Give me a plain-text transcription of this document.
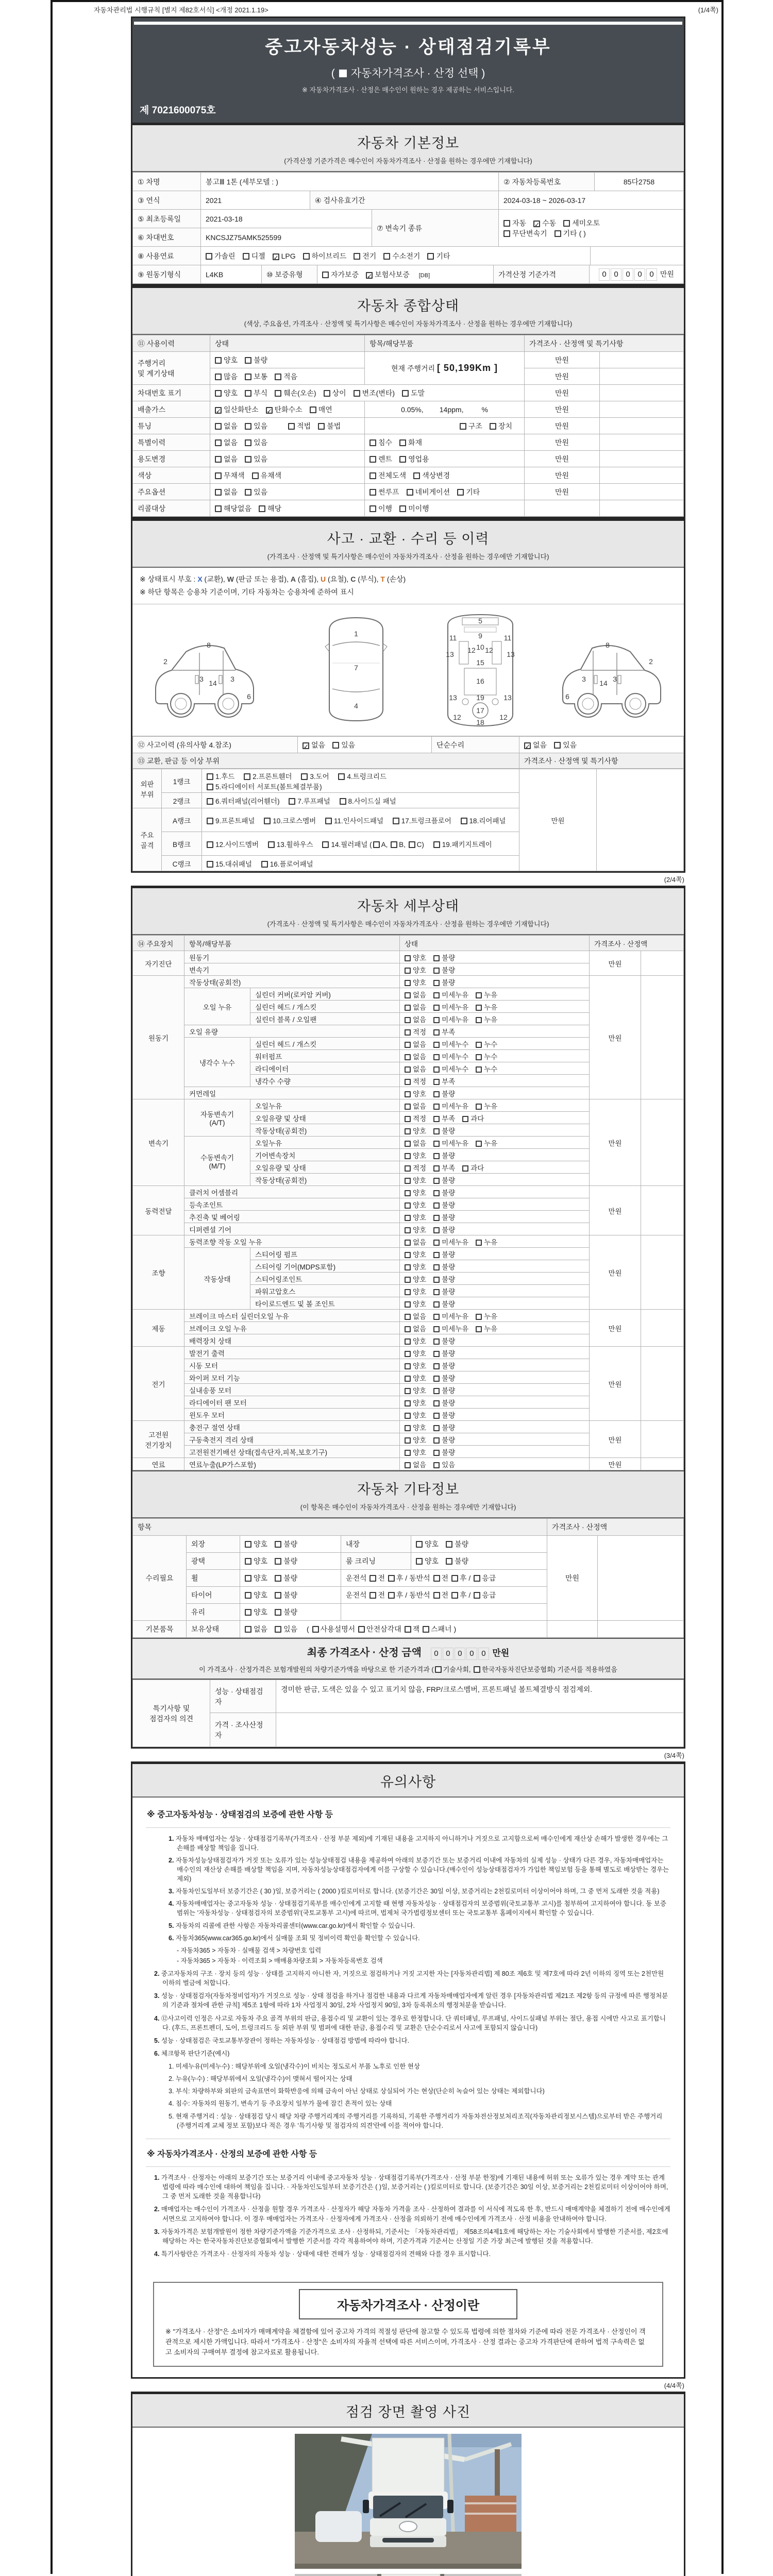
자동차관리법 시행규칙 [별지 제82호서식] <개정 2021.1.19>	(1/4쪽)
중고자동차성능 · 상태점검기록부
( 자동차가격조사 · 산정 선택 )
※ 자동차가격조사 · 산정은 매수인이 원하는 경우 제공하는 서비스입니다.
제 7021600075호
자동차 기본정보
(가격산정 기준가격은 매수인이 자동차가격조사 · 산정을 원하는 경우에만 기재합니다)
① 차명	봉고Ⅲ 1톤 (세부모델 : )	② 자동차등록번호	85다2758
③ 연식	2021	④ 검사유효기간	2024-03-18 ~ 2026-03-17
⑤ 최초등록일	2021-03-18	⑦ 변속기 종류	자동 ✓ 수동 세미오토
무단변속기 기타 ( )
⑥ 차대번호	KNCSJZ75AMK525599		
⑧ 사용연료	가솔린 디젤 ✓ LPG 하이브리드 전기 수소전기 기타	
⑨ 원동기형식	L4KB	⑩ 보증유형	자가보증 ✓ 보험사보증 [DB]	가격산정 기준가격	0 0 0 0 0 만원
자동차 종합상태
(색상, 주요옵션, 가격조사 · 산정액 및 특기사항은 매수인이 자동차가격조사 · 산정을 원하는 경우에만 기재합니다)
⑪ 사용이력	상태	항목/해당부품	가격조사 · 산정액 및 특기사항	
주행거리
및 계기상태	양호 불량	현재 주행거리 [ 50,199Km ]	만원	
	많음 보통 적음		만원	
차대번호 표기	양호 부식 훼손(오손) 상이 변조(변타) 도말		만원	
배출가스	✓ 일산화탄소 ✓ 탄화수소 매연	0.05%,        14ppm,         %	만원	
튜닝	없음 있음 적법 불법	구조 장치	만원	
특별이력	없음 있음	침수 화재	만원	
용도변경	없음 있음	렌트 영업용	만원	
색상	무채색 유채색	전체도색 색상변경	만원	
주요옵션	없음 있음	썬루프 네비게이션 기타	만원	
리콜대상	해당없음 해당	이행 미이행		
사고 · 교환 · 수리 등 이력
(가격조사 · 산정액 및 특기사항은 매수인이 자동차가격조사 · 산정을 원하는 경우에만 기재합니다)
※ 상태표시 부호 : X (교환), W (판금 또는 용접), A (흠집), U (요철), C (부식), T (손상)
※ 하단 항목은 승용차 기준이며, 기타 자동차는 승용차에 준하여 표시
2
8
3 14 3
6
1
7
4
5
9
11	11
13	13
12 12
10
15
16
19
13	13
12	12
17
18
2
8
3
14
3
6
⑫ 사고이력 (유의사항 4.참조)	✓ 없음 있음	단순수리	✓ 없음 있음
⑬ 교환, 판금 등 이상 부위			가격조사 · 산정액 및 특기사항
외판
부위	1랭크	1.후드 2.프론트휀더 3.도어 4.트렁크리드 5.라디에이터 서포트(볼트체결부품)	만원	
	2랭크	6.쿼터패널(리어휀더) 7.루프패널 8.사이드실 패널		
주요
골격	A랭크	9.프론트패널 10.크로스멤버 11.인사이드패널 17.트렁크플로어 18.리어패널		
	B랭크	12.사이드멤버 13.휠하우스 14.필러패널 ( A, B, C) 19.패키지트레이		
	C랭크	15.대쉬패널 16.플로어패널		
(2/4쪽)
자동차 세부상태
(가격조사 · 산정액 및 특기사항은 매수인이 자동차가격조사 · 산정을 원하는 경우에만 기재합니다)
⑭ 주요장치	항목/해당부품		상태	가격조사 · 산정액	
자기진단	원동기		양호 불량	만원	
	변속기		양호 불량		
원동기	작동상태(공회전)		양호 불량	만원	
	오일 누유	실린더 커버(로커암 커버)	없음 미세누유 누유		
		실린더 헤드 / 개스킷	없음 미세누유 누유		
		실린더 블록 / 오일팬	없음 미세누유 누유		
	오일 유량		적정 부족		
	냉각수 누수	실린더 헤드 / 개스킷	없음 미세누수 누수		
		워터펌프	없음 미세누수 누수		
		라디에이터	없음 미세누수 누수		
		냉각수 수량	적정 부족		
	커먼레일		양호 불량		
변속기	자동변속기
(A/T)	오일누유	없음 미세누유 누유	만원	
		오일유량 및 상태	적정 부족 과다		
		작동상태(공회전)	양호 불량		
	수동변속기
(M/T)	오일누유	없음 미세누유 누유		
		기어변속장치	양호 불량		
		오일유량 및 상태	적정 부족 과다		
		작동상태(공회전)	양호 불량		
동력전달	클러치 어셈블리		양호 불량	만원	
	등속조인트		양호 불량		
	추진축 및 베어링		양호 불량		
	디퍼렌셜 기어		양호 불량		
조향	동력조향 작동 오일 누유		없음 미세누유 누유	만원	
	작동상태	스티어링 펌프	양호 불량		
		스티어링 기어(MDPS포함)	양호 불량		
		스티어링조인트	양호 불량		
		파워고압호스	양호 불량		
		타이로드엔드 및 볼 조인트	양호 불량		
제동	브레이크 마스터 실린더오일 누유		없음 미세누유 누유	만원	
	브레이크 오일 누유		없음 미세누유 누유		
	배력장치 상태		양호 불량		
전기	발전기 출력		양호 불량	만원	
	시동 모터		양호 불량		
	와이퍼 모터 기능		양호 불량		
	실내송풍 모터		양호 불량		
	라디에이터 팬 모터		양호 불량		
	윈도우 모터		양호 불량		
고전원
전기장치	충전구 절연 상태		양호 불량	만원	
	구동축전지 격리 상태		양호 불량		
	고전원전기배선 상태(접속단자,피복,보호기구)		양호 불량		
연료	연료누출(LP가스포함)		없음 있음	만원	
자동차 기타정보
(이 항목은 매수인이 자동차가격조사 · 산정을 원하는 경우에만 기재합니다)
항목					가격조사 · 산정액	
수리필요	외장	양호 불량	내장	양호 불량	만원	
	광택	양호 불량	룸 크리닝	양호 불량		
	휠	양호 불량	운전석 전 후 / 동반석 전 후 / 응급			
	타이어	양호 불량	운전석 전 후 / 동반석 전 후 / 응급			
	유리	양호 불량				
기본품목	보유상태	없음 있음 ( 사용설명서 안전삼각대 잭 스패너 )				
최종 가격조사 · 산정 금액 0 0 0 0 0 만원
이 가격조사 · 산정가격은 보험개발원의 차량기준가액을 바탕으로 한 기준가격과 ( 기술사회, 한국자동차진단보증협회) 기준서를 적용하였음
특기사항 및
점검자의 의견	성능 · 상태점검
자	경미한 판금, 도색은 있을 수 있고 표기치 않음, FRP/크로스멤버, 프론트패널 볼트체결방식 점검제외.
	가격 · 조사산정
자	
(3/4쪽)
유의사항
※ 중고자동차성능 · 상태점검의 보증에 관한 사항 등
1. 자동차 매매업자는 성능 · 상태점검기록부(가격조사 · 산정 부분 제외)에 기재된 내용을 고지하지 아니하거나 거짓으로 고지함으로써 매수인에게 재산상 손해가 발생한 경우에는 그 손해를 배상할 책임을 집니다.
2. 자동차성능상태점검자가 거짓 또는 오류가 있는 성능상태점검 내용을 제공하여 아래의 보증기간 또는 보증거리 이내에 자동차의 실제 성능 · 상태가 다른 경우, 자동차매매업자는 매수인의 재산상 손해를 배상할 책임을 지며, 자동차성능상태점검자에게 이를 구상할 수 있습니다.(매수인이 성능상태점검자가 가입한 책임보험 등을 통해 별도로 배상받는 경우는 제외)
3. 자동차인도일부터 보증기간은 ( 30 )일, 보증거리는 ( 2000 )킬로미터로 합니다. (보증기간은 30일 이상, 보증거리는 2천킬로미터 이상이어야 하며, 그 중 먼저 도래한 것을 적용)
4. 자동차매매업자는 중고자동차 성능 · 상태점검기록부를 매수인에게 고지할 때 현행 자동차성능 · 상태점검자의 보증범위(국토교통부 고시)를 첨부하여 고지하여야 합니다. 동 보증범위는 '자동차성능 · 상태점검자의 보증범위'(국토교통부 고시)에 따르며, 법제처 국가법령정보센터 또는 국토교통부 홈페이지에서 확인할 수 있습니다.
5. 자동차의 리콜에 관한 사항은 자동차리콜센터(www.car.go.kr)에서 확인할 수 있습니다.
6. 자동차365(www.car365.go.kr)에서 실매물 조회 및 정비이력 확인을 확인할 수 있습니다.
- 자동차365 > 자동차 · 실매물 검색 > 차량번호 입력
- 자동차365 > 자동차 · 이력조회 > 매매용차량조회 > 자동차등록번호 검색
2. 중고자동차의 구조 · 장치 등의 성능 · 상태를 고지하지 아니한 자, 거짓으로 점검하거나 거짓 고지한 자는 [자동차관리법] 제 80조 제6호 및 제7호에 따라 2년 이하의 징역 또는 2천만원 이하의 벌금에 처합니다.
3. 성능 · 상태점검자(자동차정비업자)가 거짓으로 성능 · 상태 점검을 하거나 점검한 내용과 다르게 자동차매매업자에게 알린 경우 [자동차관리법 제21조 제2항 등의 규정에 따른 행정처분의 기준과 절차에 관한 규칙] 제5조 1항에 따라 1차 사업정지 30일, 2차 사업정지 90일, 3차 등록취소의 행정처분을 받습니다.
4. ⑫사고이력 인정은 사고로 자동차 주요 골격 부위의 판금, 용접수리 및 교환이 있는 경우로 한정합니다. 단 쿼터패널, 루프패널, 사이드실패널 부위는 절단, 용접 시에만 사고로 표기합니다. (후드, 프론트펜더, 도어, 트렁크리드 등 외판 부위 및 범퍼에 대한 판금, 용접수리 및 교환은 단순수리로서 사고에 포함되지 않습니다)
5. 성능 · 상태점검은 국토교통부장관이 정하는 자동차성능 · 상태점검 방법에 따라야 합니다.
6. 체크항목 판단기준(예시)
1. 미세누유(미세누수) : 해당부위에 오일(냉각수)이 비치는 정도로서 부품 노후로 인한 현상
2. 누유(누수) : 해당부위에서 오일(냉각수)이 맺혀서 떨어지는 상태
3. 부식: 차량하부와 외판의 금속표면이 화학반응에 의해 금속이 아닌 상태로 상실되어 가는 현상(단순히 녹슬어 있는 상태는 제외합니다)
4. 침수: 자동차의 원동기, 변속기 등 주요장치 일부가 물에 잠긴 흔적이 있는 상태
5. 현재 주행거리 : 성능 · 상태점검 당시 해당 차량 주행거리계의 주행거리를 기록하되, 기록한 주행거리가 자동차전산정보처리조직(자동차관리정보시스템)으로부터 받은 주행거리(주행거리계 교체 정보 포함)보다 적은 경우 '특기사항 및 점검자의 의견'란에 이를 적어야 합니다.
※ 자동차가격조사 · 산정의 보증에 관한 사항 등
1. 가격조사 · 산정자는 아래의 보증기간 또는 보증거리 이내에 중고자동차 성능 · 상태점검기록부(가격조사 · 산정 부분 한정)에 기재된 내용에 허위 또는 오류가 있는 경우 계약 또는 관계법령에 따라 매수인에 대하여 책임을 집니다. · 자동차인도일부터 보증기간은 ( )일, 보증거리는 ( )킬로미터로 합니다. (보증기간은 30일 이상, 보증거리는 2천킬로미터 이상이어야 하며, 그 중 먼저 도래한 것을 적용합니다)
2. 매매업자는 매수인이 가격조사 · 산정을 원할 경우 가격조사 · 산정자가 해당 자동차 가격을 조사 · 산정하여 결과를 이 서식에 적도록 한 후, 반드시 매매계약을 체결하기 전에 매수인에게 서면으로 고지하여야 합니다. 이 경우 매매업자는 가격조사 · 산정자에게 가격조사 · 산정을 의뢰하기 전에 매수인에게 가격조사 · 산정 비용을 안내하여야 합니다.
3. 자동차가격은 보험개발원이 정한 차량기준가액을 기준가격으로 조사 · 산정하되, 기준서는 「자동차관리법」 제58조의4제1호에 해당하는 자는 기술사회에서 발행한 기준서를, 제2호에 해당하는 자는 한국자동차진단보증협회에서 발행한 기준서를 각각 적용하여야 하며, 기준가격과 기준서는 산정일 기준 가장 최근에 발행된 것을 적용합니다.
4. 특기사항란은 가격조사 · 산정자의 자동차 성능 · 상태에 대한 견해가 성능 · 상태점검자의 견해와 다를 경우 표시합니다.
자동차가격조사 · 산정이란
※ "가격조사 · 산정"은 소비자가 매매계약을 체결함에 있어 중고차 가격의 적절성 판단에 참고할 수 있도록 법령에 의한 절차와 기준에 따라 전문 가격조사 · 산정인이 객관적으로 제시한 가액입니다. 따라서 "가격조사 · 산정"은 소비자의 자율적 선택에 따른 서비스이며, 가격조사 · 산정 결과는 중고차 가격판단에 관하여 법적 구속력은 없고 소비자의 구매여부 결정에 참고자료로 활용됩니다.
(4/4쪽)
점검 장면 촬영 사진
